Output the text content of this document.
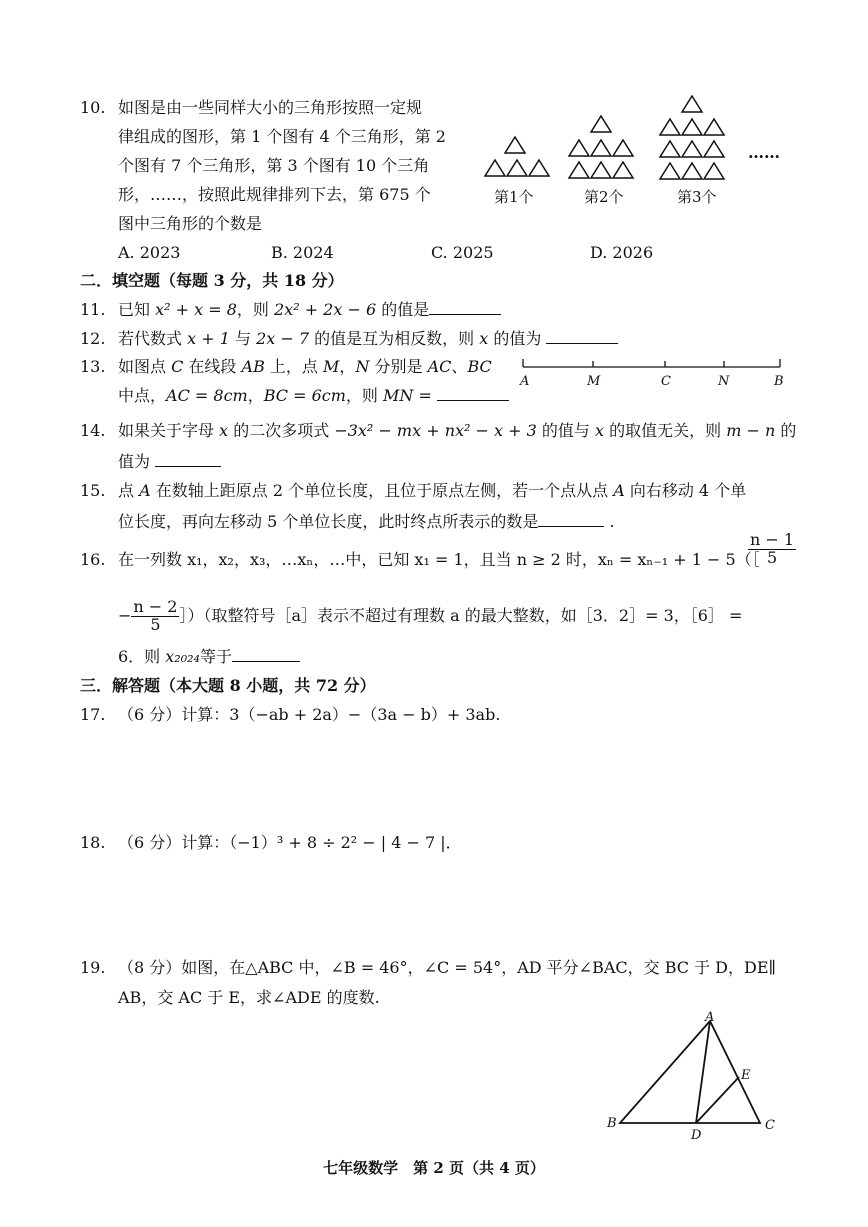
10. 如图是由一些同样大小的三角形按照一定规
律组成的图形，第 1 个图有 4 个三角形，第 2
个图有 7 个三角形，第 3 个图有 10 个三角
形，……，按照此规律排列下去，第 675 个
图中三角形的个数是
……
第1个	第2个	第3个
A. 2023	B. 2024	C. 2025	D. 2026
二．填空题（每题 3 分，共 18 分）
11. 已知 x² + x = 8，则 2x² + 2x − 6 的值是
12. 若代数式 x + 1 与 2x − 7 的值是互为相反数，则 x 的值为
13. 如图点 C 在线段 AB 上，点 M，N 分别是 AC、BC
中点，AC = 8cm，BC = 6cm，则 MN =
A	M	C	N	B
14. 如果关于字母 x 的二次多项式 −3x² − mx + nx² − x + 3 的值与 x 的取值无关，则 m − n 的
值为
15. 点 A 在数轴上距原点 2 个单位长度，且位于原点左侧，若一个点从点 A 向右移动 4 个单
位长度，再向左移动 5 个单位长度，此时终点所表示的数是	.
16. 在一列数 x₁，x₂，x₃，…xₙ，…中，已知 x₁ = 1，且当 n ≥ 2 时，xₙ = xₙ₋₁ + 1 − 5（［
$\frac{n - 1}{5}$
− $\frac{n - 2}{5}$ ］）（取整符号［a］表示不超过有理数 a 的最大整数，如［3．2］= 3，［6］ =
6．则 x₂₀₂₄等于
三．解答题（本大题 8 小题，共 72 分）
17. （6 分）计算：3（−ab + 2a）−（3a − b）+ 3ab.
18. （6 分）计算：（−1）³ + 8 ÷ 2² − | 4 − 7 |．
19. （8 分）如图，在△ABC 中，∠B = 46°，∠C = 54°，AD 平分∠BAC，交 BC 于 D，DE∥
AB，交 AC 于 E，求∠ADE 的度数.
A
E
B
D
C
七年级数学　第 2 页（共 4 页）
